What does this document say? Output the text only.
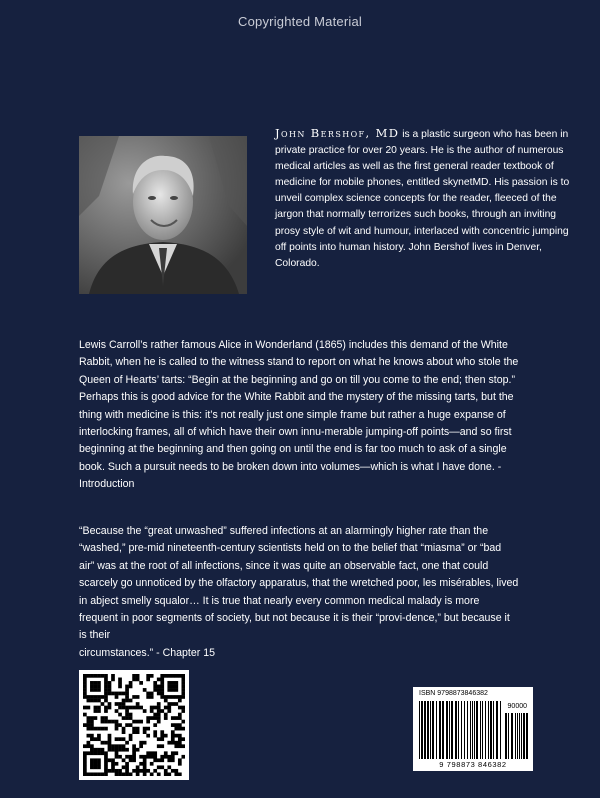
Copyrighted Material
John Bershof, MD is a plastic surgeon who has been in private practice for over 20 years. He is the author of numerous medical articles as well as the first general reader textbook of medicine for mobile phones, entitled skynetMD. His passion is to unveil complex science concepts for the reader, fleeced of the jargon that normally terrorizes such books, through an inviting prosy style of wit and humour, interlaced with concentric jumping off points into human history. John Bershof lives in Denver, Colorado.
Lewis Carroll’s rather famous Alice in Wonderland (1865) includes this demand of the White Rabbit, when he is called to the witness stand to report on what he knows about who stole the Queen of Hearts’ tarts: “Begin at the beginning and go on till you come to the end; then stop.” Perhaps this is good advice for the White Rabbit and the mystery of the missing tarts, but the thing with medicine is this: it’s not really just one simple frame but rather a huge expanse of interlocking frames, all of which have their own innu-merable jumping-off points—and so first beginning at the beginning and then going on until the end is far too much to ask of a single book. Such a pursuit needs to be broken down into volumes—which is what I have done. - Introduction
“Because the “great unwashed” suffered infections at an alarmingly higher rate than the “washed,” pre-mid nineteenth-century scientists held on to the belief that “miasma” or “bad air” was at the root of all infections, since it was quite an observable fact, one that could scarcely go unnoticed by the olfactory apparatus, that the wretched poor, les misérables, lived in abject smelly squalor… It is true that nearly every common medical malady is more frequent in poor segments of society, but not because it is their “provi-dence,” but because it is their
circumstances.” - Chapter 15
ISBN 9798873846382
90000
9 798873 846382
